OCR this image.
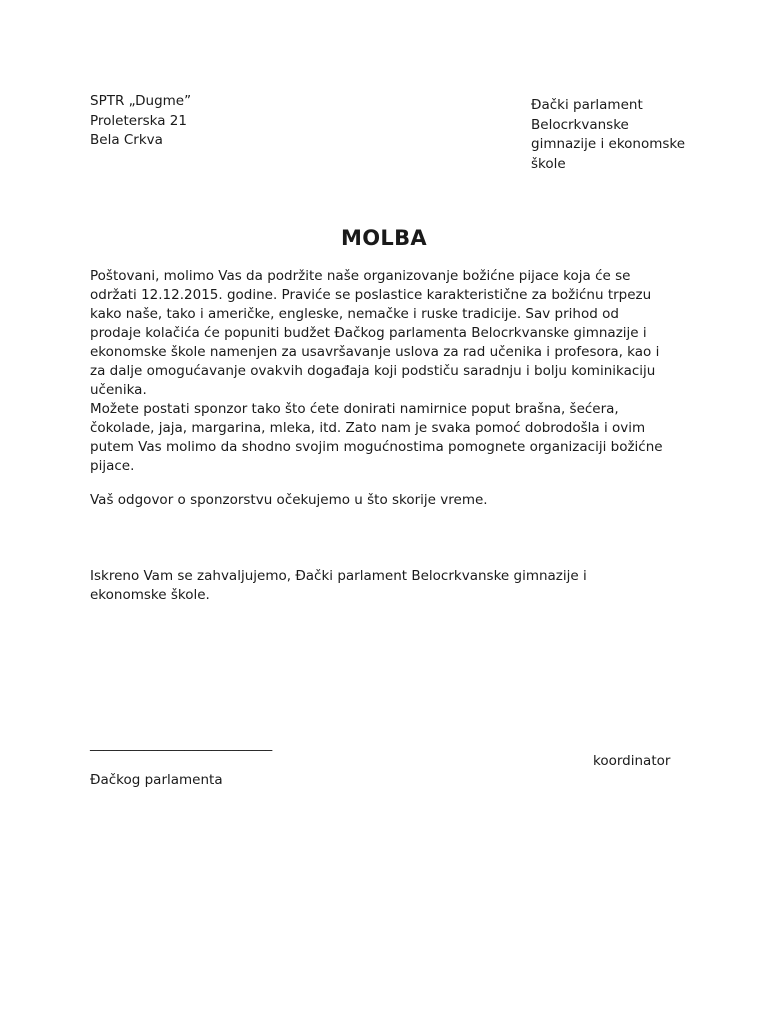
SPTR „Dugme”
Proleterska 21
Bela Crkva
Đački parlament
Belocrkvanske
gimnazije i ekonomske
škole
MOLBA
Poštovani, molimo Vas da podržite naše organizovanje božićne pijace koja će se
održati 12.12.2015. godine. Praviće se poslastice karakteristične za božićnu trpezu
kako naše, tako i američke, engleske, nemačke i ruske tradicije. Sav prihod od
prodaje kolačića će popuniti budžet Đačkog parlamenta Belocrkvanske gimnazije i
ekonomske škole namenjen za usavršavanje uslova za rad učenika i profesora, kao i
za dalje omogućavanje ovakvih događaja koji podstiču saradnju i bolju kominikaciju
učenika.
Možete postati sponzor tako što ćete donirati namirnice poput brašna, šećera,
čokolade, jaja, margarina, mleka, itd. Zato nam je svaka pomoć dobrodošla i ovim
putem Vas molimo da shodno svojim mogućnostima pomognete organizaciji božićne
pijace.
Vaš odgovor o sponzorstvu očekujemo u što skorije vreme.
Iskreno Vam se zahvaljujemo, Đački parlament Belocrkvanske gimnazije i
ekonomske škole.
___________________________
koordinator
Đačkog parlamenta
